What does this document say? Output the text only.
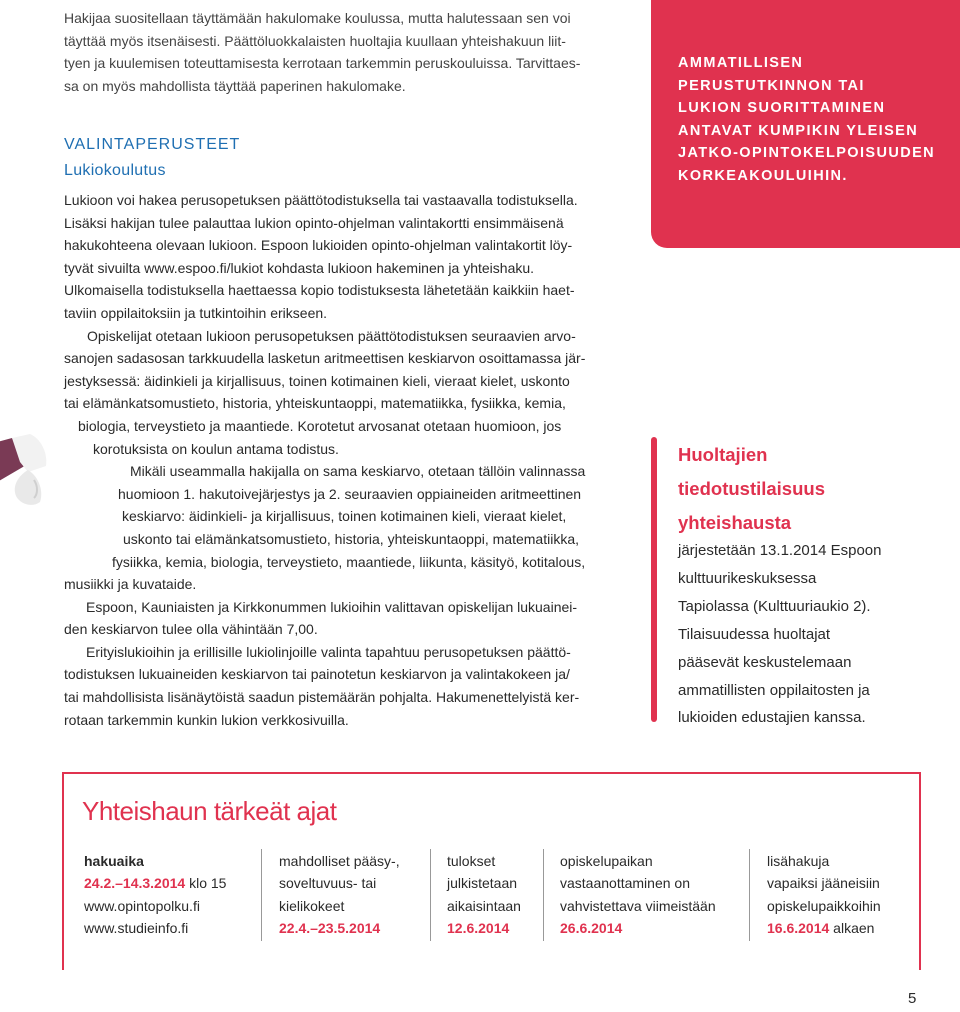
Hakijaa suositellaan täyttämään hakulomake koulussa, mutta halutessaan sen voi
täyttää myös itsenäisesti. Päättöluokkalaisten huoltajia kuullaan yhteishakuun liit-
tyen ja kuulemisen toteuttamisesta kerrotaan tarkemmin peruskouluissa. Tarvittaes-
sa on myös mahdollista täyttää paperinen hakulomake.
VALINTAPERUSTEET
Lukiokoulutus
Lukioon voi hakea perusopetuksen päättötodistuksella tai vastaavalla todistuksella.
Lisäksi hakijan tulee palauttaa lukion opinto-ohjelman valintakortti ensimmäisenä
hakukohteena olevaan lukioon. Espoon lukioiden opinto-ohjelman valintakortit löy-
tyvät sivuilta www.espoo.fi/lukiot kohdasta lukioon hakeminen ja yhteishaku.
Ulkomaisella todistuksella haettaessa kopio todistuksesta lähetetään kaikkiin haet-
taviin oppilaitoksiin ja tutkintoihin erikseen.
Opiskelijat otetaan lukioon perusopetuksen päättötodistuksen seuraavien arvo-
sanojen sadasosan tarkkuudella lasketun aritmeettisen keskiarvon osoittamassa jär-
jestyksessä: äidinkieli ja kirjallisuus, toinen kotimainen kieli, vieraat kielet, uskonto
tai elämänkatsomustieto, historia, yhteiskuntaoppi, matematiikka, fysiikka, kemia,
biologia, terveystieto ja maantiede. Korotetut arvosanat otetaan huomioon, jos
korotuksista on koulun antama todistus.
Mikäli useammalla hakijalla on sama keskiarvo, otetaan tällöin valinnassa
huomioon 1. hakutoivejärjestys ja 2. seuraavien oppiaineiden aritmeettinen
keskiarvo: äidinkieli- ja kirjallisuus, toinen kotimainen kieli, vieraat kielet,
uskonto tai elämänkatsomustieto, historia, yhteiskuntaoppi, matematiikka,
fysiikka, kemia, biologia, terveystieto, maantiede, liikunta, käsityö, kotitalous,
musiikki ja kuvataide.
Espoon, Kauniaisten ja Kirkkonummen lukioihin valittavan opiskelijan lukuainei-
den keskiarvon tulee olla vähintään 7,00.
Erityislukioihin ja erillisille lukiolinjoille valinta tapahtuu perusopetuksen päättö-
todistuksen lukuaineiden keskiarvon tai painotetun keskiarvon ja valintakokeen ja/
tai mahdollisista lisänäytöistä saadun pistemäärän pohjalta. Hakumenettelyistä ker-
rotaan tarkemmin kunkin lukion verkkosivuilla.
AMMATILLISEN
PERUSTUTKINNON TAI
LUKION SUORITTAMINEN
ANTAVAT KUMPIKIN YLEISEN
JATKO-OPINTOKELPOISUUDEN
KORKEAKOULUIHIN.
Huoltajien
tiedotustilaisuus
yhteishausta
järjestetään 13.1.2014 Espoon
kulttuurikeskuksessa
Tapiolassa (Kulttuuriaukio 2).
Tilaisuudessa huoltajat
pääsevät keskustelemaan
ammatillisten oppilaitosten ja
lukioiden edustajien kanssa.
Yhteishaun tärkeät ajat
hakuaika
24.2.–14.3.2014 klo 15
www.opintopolku.fi
www.studieinfo.fi
mahdolliset pääsy-,
soveltuvuus- tai
kielikokeet
22.4.–23.5.2014
tulokset
julkistetaan
aikaisintaan
12.6.2014
opiskelupaikan
vastaanottaminen on
vahvistettava viimeistään
26.6.2014
lisähakuja
vapaiksi jääneisiin
opiskelupaikkoihin
16.6.2014 alkaen
5
